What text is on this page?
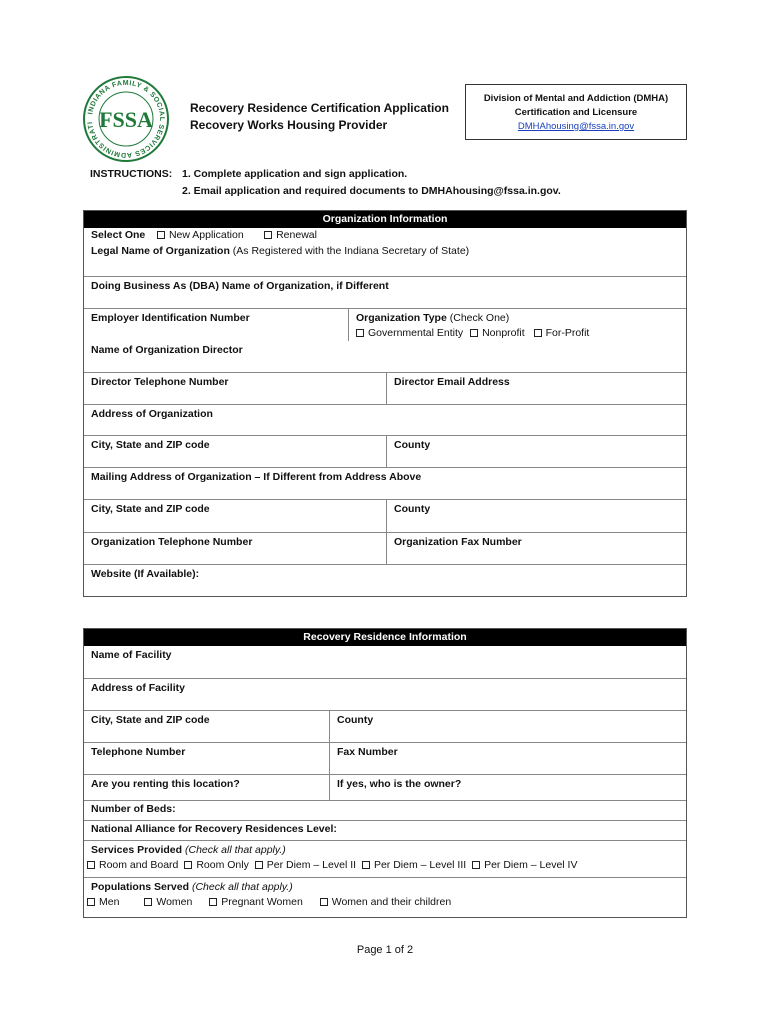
INDIANA FAMILY & SOCIAL SERVICES ADMINISTRATI FSSA	Recovery Residence Certification Application
Recovery Works Housing Provider
Division of Mental and Addiction (DMHA)
Certification and Licensure
DMHAhousing@fssa.in.gov
INSTRUCTIONS: 1. Complete application and sign application.
2. Email application and required documents to DMHAhousing@fssa.in.gov.
Organization Information
Select One New Application	Renewal
Legal Name of Organization (As Registered with the Indiana Secretary of State)
Doing Business As (DBA) Name of Organization, if Different
Employer Identification Number	Organization Type (Check One)
Governmental Entity Nonprofit For-Profit
Name of Organization Director
Director Telephone Number	Director Email Address
Address of Organization
City, State and ZIP code	County
Mailing Address of Organization – If Different from Address Above
City, State and ZIP code	County
Organization Telephone Number	Organization Fax Number
Website (If Available):
Recovery Residence Information
Name of Facility
Address of Facility
City, State and ZIP code	County
Telephone Number	Fax Number
Are you renting this location?	If yes, who is the owner?
Number of Beds:
National Alliance for Recovery Residences Level:
Services Provided (Check all that apply.)
Room and Board Room Only Per Diem – Level II Per Diem – Level III Per Diem – Level IV
Populations Served (Check all that apply.)
Men	Women	Pregnant Women	Women and their children
Page 1 of 2
